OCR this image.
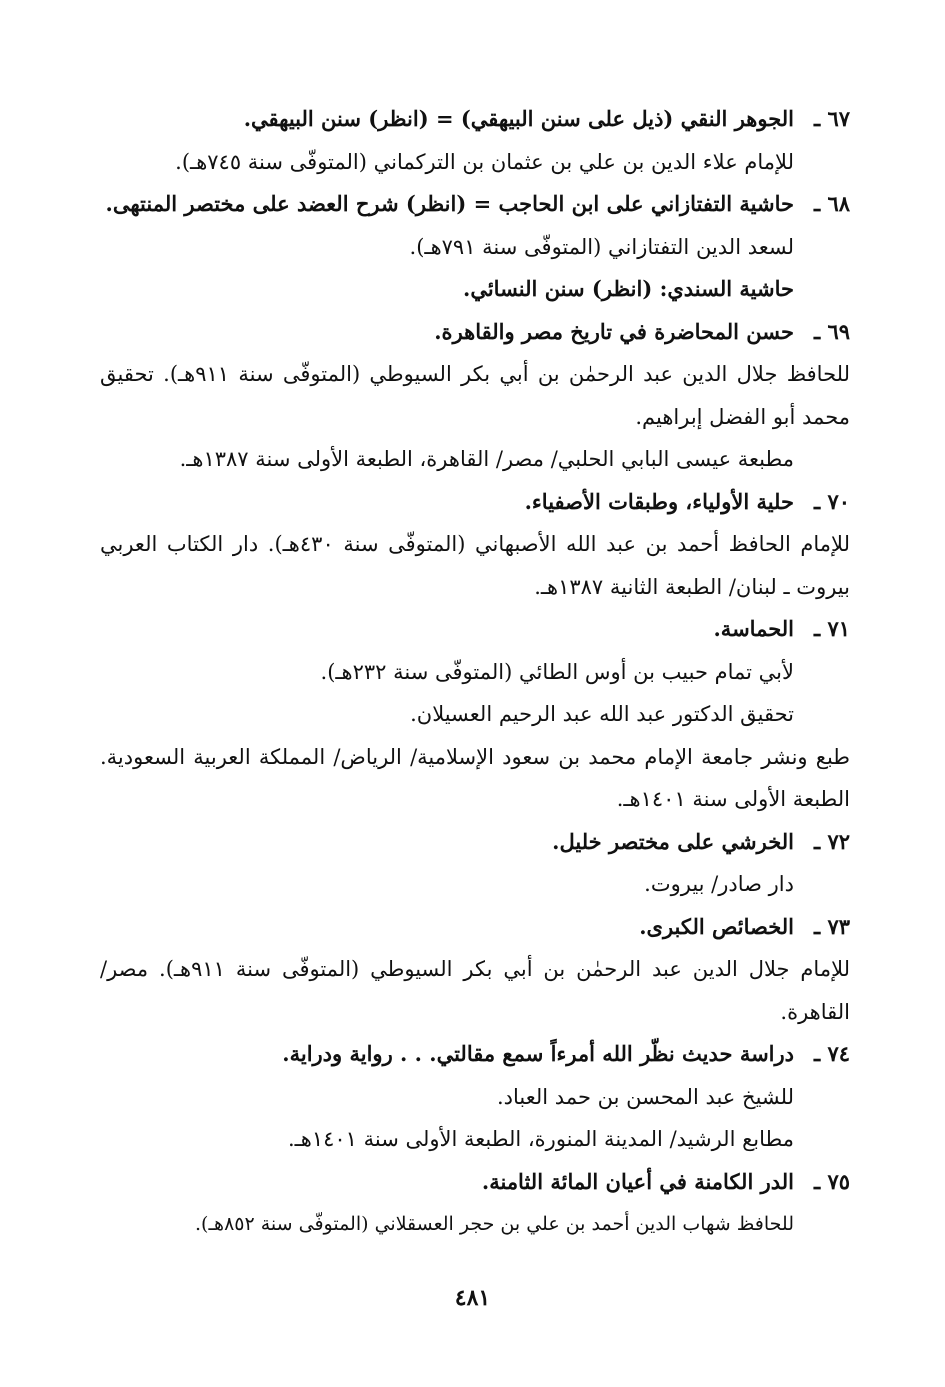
٦٧ ـالجوهر النقي (ذيل على سنن البيهقي) = (انظر) سنن البيهقي.
للإمام علاء الدين بن علي بن عثمان بن التركماني (المتوفّى سنة ٧٤٥هـ).
٦٨ ـحاشية التفتازاني على ابن الحاجب = (انظر) شرح العضد على مختصر المنتهى.
لسعد الدين التفتازاني (المتوفّى سنة ٧٩١هـ).
حاشية السندي: (انظر) سنن النسائي.
٦٩ ـحسن المحاضرة في تاريخ مصر والقاهرة.
للحافظ جلال الدين عبد الرحمٰن بن أبي بكر السيوطي (المتوفّى سنة ٩١١هـ). تحقيق محمد أبو الفضل إبراهيم.
مطبعة عيسى البابي الحلبي/ مصر/ القاهرة، الطبعة الأولى سنة ١٣٨٧هـ.
٧٠ ـحلية الأولياء، وطبقات الأصفياء.
للإمام الحافظ أحمد بن عبد الله الأصبهاني (المتوفّى سنة ٤٣٠هـ). دار الكتاب العربي بيروت ـ لبنان/ الطبعة الثانية ١٣٨٧هـ.
٧١ ـالحماسة.
لأبي تمام حبيب بن أوس الطائي (المتوفّى سنة ٢٣٢هـ).
تحقيق الدكتور عبد الله عبد الرحيم العسيلان.
طبع ونشر جامعة الإمام محمد بن سعود الإسلامية/ الرياض/ المملكة العربية السعودية. الطبعة الأولى سنة ١٤٠١هـ.
٧٢ ـالخرشي على مختصر خليل.
دار صادر/ بيروت.
٧٣ ـالخصائص الكبرى.
للإمام جلال الدين عبد الرحمٰن بن أبي بكر السيوطي (المتوفّى سنة ٩١١هـ). مصر/ القاهرة.
٧٤ ـدراسة حديث نظّر الله أمرءاً سمع مقالتي. . . رواية ودراية.
للشيخ عبد المحسن بن حمد العباد.
مطابع الرشيد/ المدينة المنورة، الطبعة الأولى سنة ١٤٠١هـ.
٧٥ ـالدر الكامنة في أعيان المائة الثامنة.
للحافظ شهاب الدين أحمد بن علي بن حجر العسقلاني (المتوفّى سنة ٨٥٢هـ).
٤٨١
